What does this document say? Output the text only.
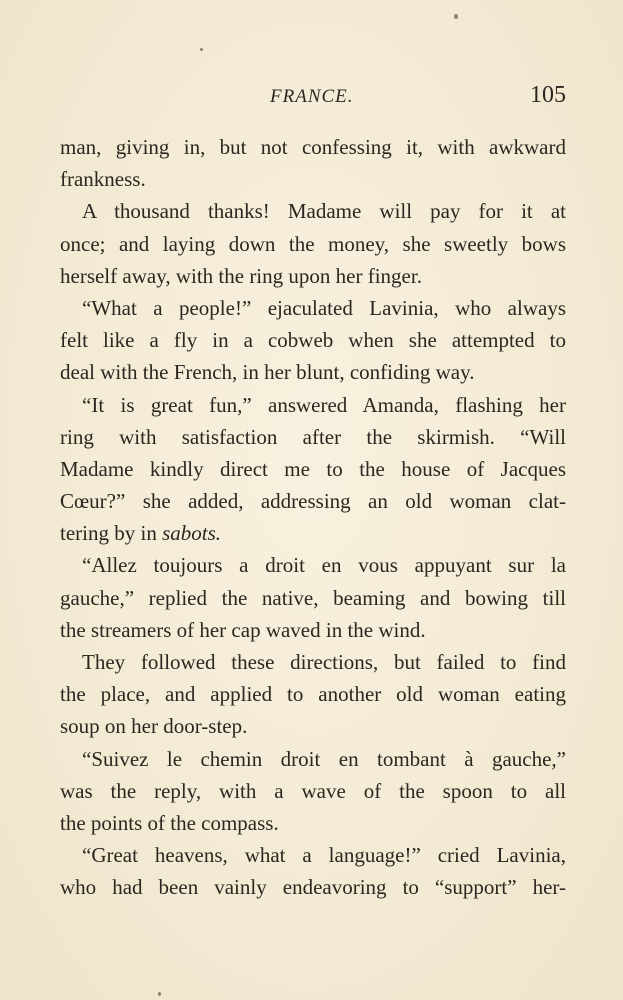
FRANCE.	105
man, giving in, but not confessing it, with awkward
frankness.
A thousand thanks! Madame will pay for it at
once; and laying down the money, she sweetly bows
herself away, with the ring upon her finger.
“What a people!” ejaculated Lavinia, who always
felt like a fly in a cobweb when she attempted to
deal with the French, in her blunt, confiding way.
“It is great fun,” answered Amanda, flashing her
ring with satisfaction after the skirmish. “Will
Madame kindly direct me to the house of Jacques
Cœur?” she added, addressing an old woman clat-
tering by in sabots.
“Allez toujours a droit en vous appuyant sur la
gauche,” replied the native, beaming and bowing till
the streamers of her cap waved in the wind.
They followed these directions, but failed to find
the place, and applied to another old woman eating
soup on her door-step.
“Suivez le chemin droit en tombant à gauche,”
was the reply, with a wave of the spoon to all
the points of the compass.
“Great heavens, what a language!” cried Lavinia,
who had been vainly endeavoring to “support” her-
